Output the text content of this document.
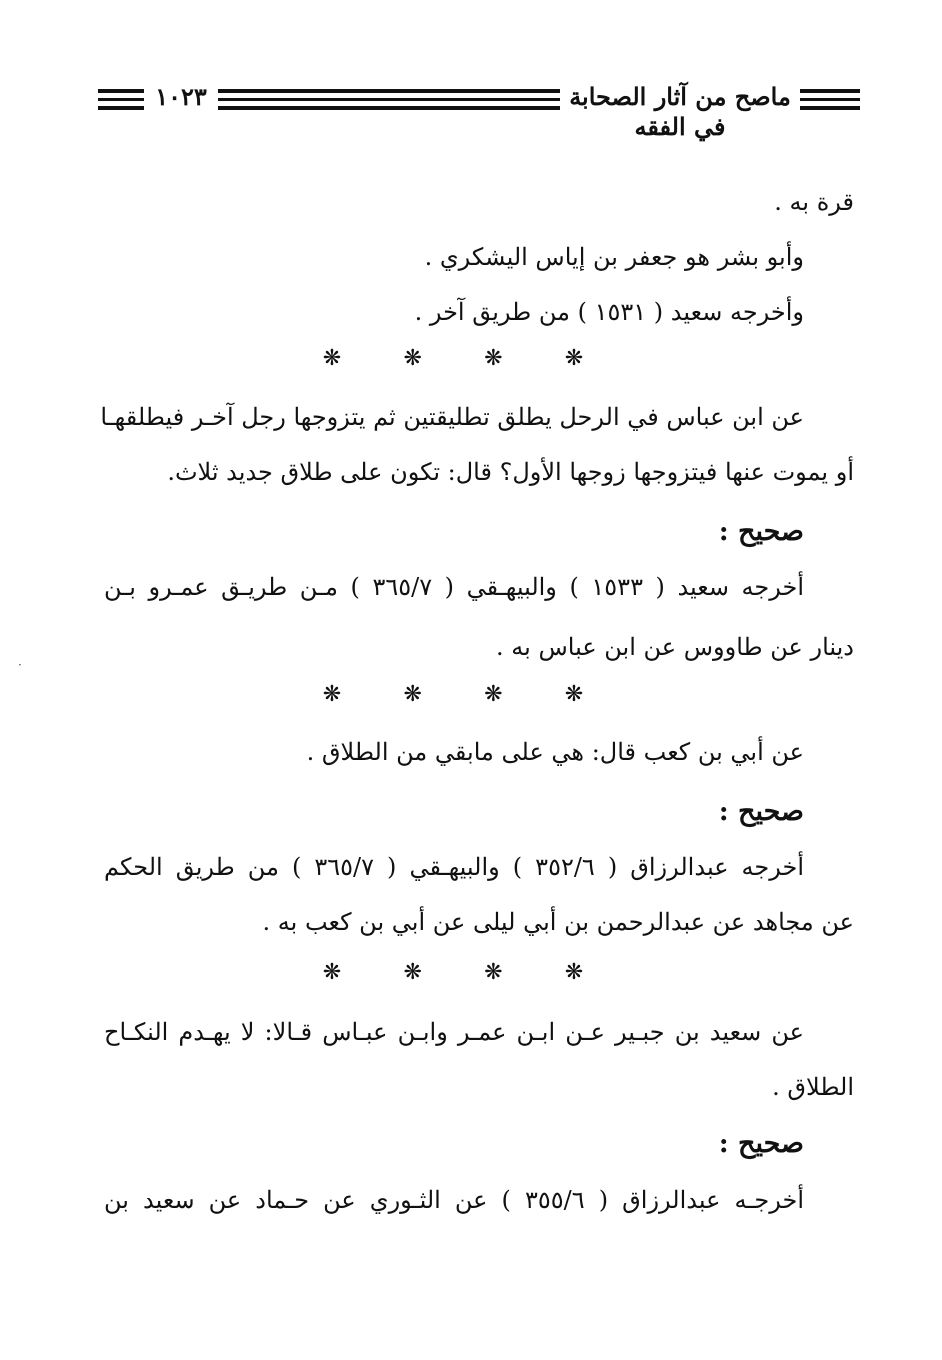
١٠٢٣	ماصح من آثار الصحابة في الفقه

قرة به .

وأبو بشر هو جعفر بن إياس اليشكري .

وأخرجه سعيد ( ١٥٣١ ) من طريق آخر .

❋	❋	❋	❋

عن ابن عباس في الرحل يطلق تطليقتين ثم يتزوجها رجل آخـر فيطلقهـا

أو يموت عنها فيتزوجها زوجها الأول؟ قال: تكون على طلاق جديد ثلاث.

صحيح :

أخرجه سعيد ( ١٥٣٣ ) والبيهـقي ( ٣٦٥/٧ ) مـن طريـق عمـرو بـن

دينار عن طاووس عن ابن عباس به .

❋	❋	❋	❋

عن أبي بن كعب قال: هي على مابقي من الطلاق .

صحيح :

أخرجه عبدالرزاق ( ٣٥٢/٦ ) والبيهـقي ( ٣٦٥/٧ ) من طريق الحكم

عن مجاهد عن عبدالرحمن بن أبي ليلى عن أبي بن كعب به .

❋	❋	❋	❋

عن سعيد بن جبـير عـن ابـن عمـر وابـن عبـاس قـالا: لا يهـدم النكـاح

الطلاق .

صحيح :

أخرجـه عبدالرزاق ( ٣٥٥/٦ ) عن الثـوري عن حـماد عن سعيد بن

·
